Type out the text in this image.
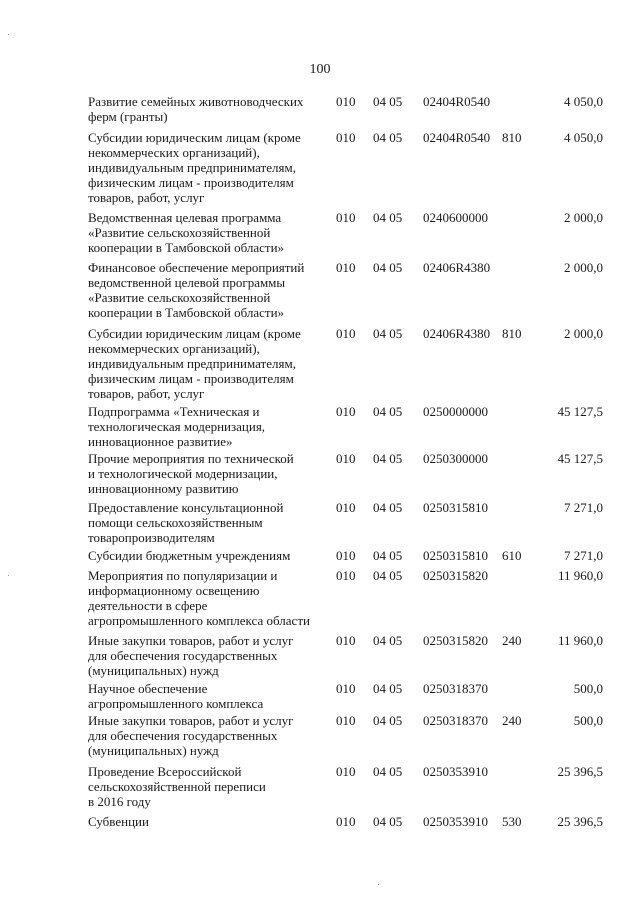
100
Развитие семейных животноводческих
ферм (гранты)
010 04 05 02404R0540	4 050,0
Субсидии юридическим лицам (кроме
некоммерческих организаций),
индивидуальным предпринимателям,
физическим лицам - производителям
товаров, работ, услуг
010 04 05 02404R0540 810	4 050,0
Ведомственная целевая программа
«Развитие сельскохозяйственной
кооперации в Тамбовской области»
010 04 05 0240600000	2 000,0
Финансовое обеспечение мероприятий
ведомственной целевой программы
«Развитие сельскохозяйственной
кооперации в Тамбовской области»
010 04 05 02406R4380	2 000,0
Субсидии юридическим лицам (кроме
некоммерческих организаций),
индивидуальным предпринимателям,
физическим лицам - производителям
товаров, работ, услуг
010 04 05 02406R4380 810	2 000,0
Подпрограмма «Техническая и
технологическая модернизация,
инновационное развитие»
010 04 05 0250000000	45 127,5
Прочие мероприятия по технической
и технологической модернизации,
инновационному развитию
010 04 05 0250300000	45 127,5
Предоставление консультационной
помощи сельскохозяйственным
товаропроизводителям
010 04 05 0250315810	7 271,0
Субсидии бюджетным учреждениям	010 04 05 0250315810 610	7 271,0
Мероприятия по популяризации и
информационному освещению
деятельности в сфере
агропромышленного комплекса области
010 04 05 0250315820	11 960,0
Иные закупки товаров, работ и услуг
для обеспечения государственных
(муниципальных) нужд
010 04 05 0250315820 240	11 960,0
Научное обеспечение
агропромышленного комплекса
010 04 05 0250318370	500,0
Иные закупки товаров, работ и услуг
для обеспечения государственных
(муниципальных) нужд
010 04 05 0250318370 240	500,0
Проведение Всероссийской
сельскохозяйственной переписи
в 2016 году
010 04 05 0250353910	25 396,5
Субвенции	010 04 05 0250353910 530	25 396,5
